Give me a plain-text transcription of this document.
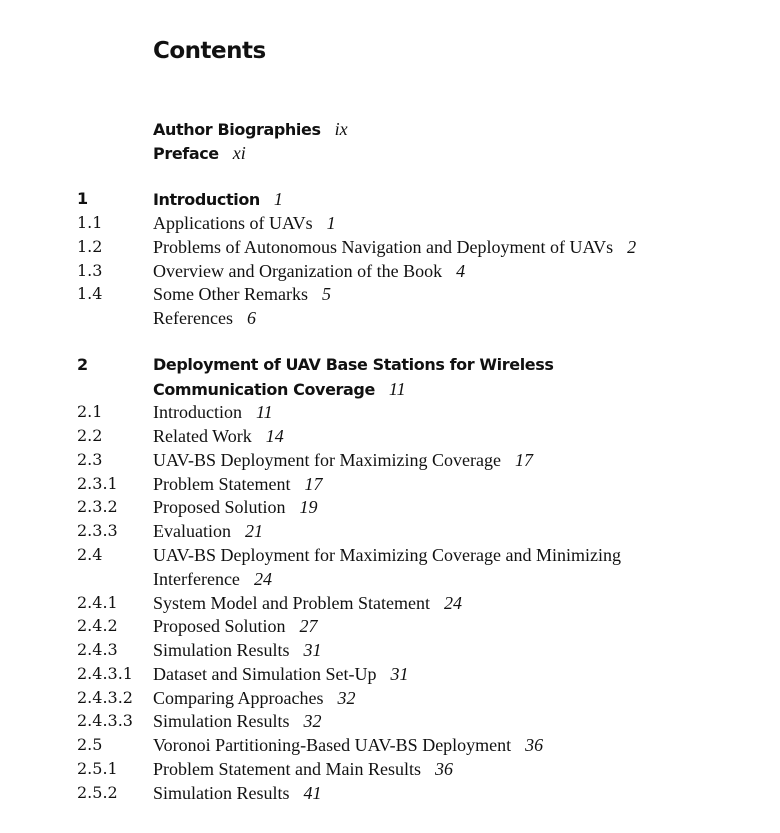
Contents
Author Biographies ix
Preface xi
1	Introduction 1
1.1	Applications of UAVs 1
1.2	Problems of Autonomous Navigation and Deployment of UAVs 2
1.3	Overview and Organization of the Book 4
1.4	Some Other Remarks 5
References 6
2	Deployment of UAV Base Stations for Wireless
Communication Coverage 11
2.1	Introduction 11
2.2	Related Work 14
2.3	UAV-BS Deployment for Maximizing Coverage 17
2.3.1 Problem Statement 17
2.3.2 Proposed Solution 19
2.3.3 Evaluation 21
2.4	UAV-BS Deployment for Maximizing Coverage and Minimizing
Interference 24
2.4.1 System Model and Problem Statement 24
2.4.2 Proposed Solution 27
2.4.3 Simulation Results 31
2.4.3.1 Dataset and Simulation Set-Up 31
2.4.3.2 Comparing Approaches 32
2.4.3.3 Simulation Results 32
2.5	Voronoi Partitioning-Based UAV-BS Deployment 36
2.5.1 Problem Statement and Main Results 36
2.5.2 Simulation Results 41
